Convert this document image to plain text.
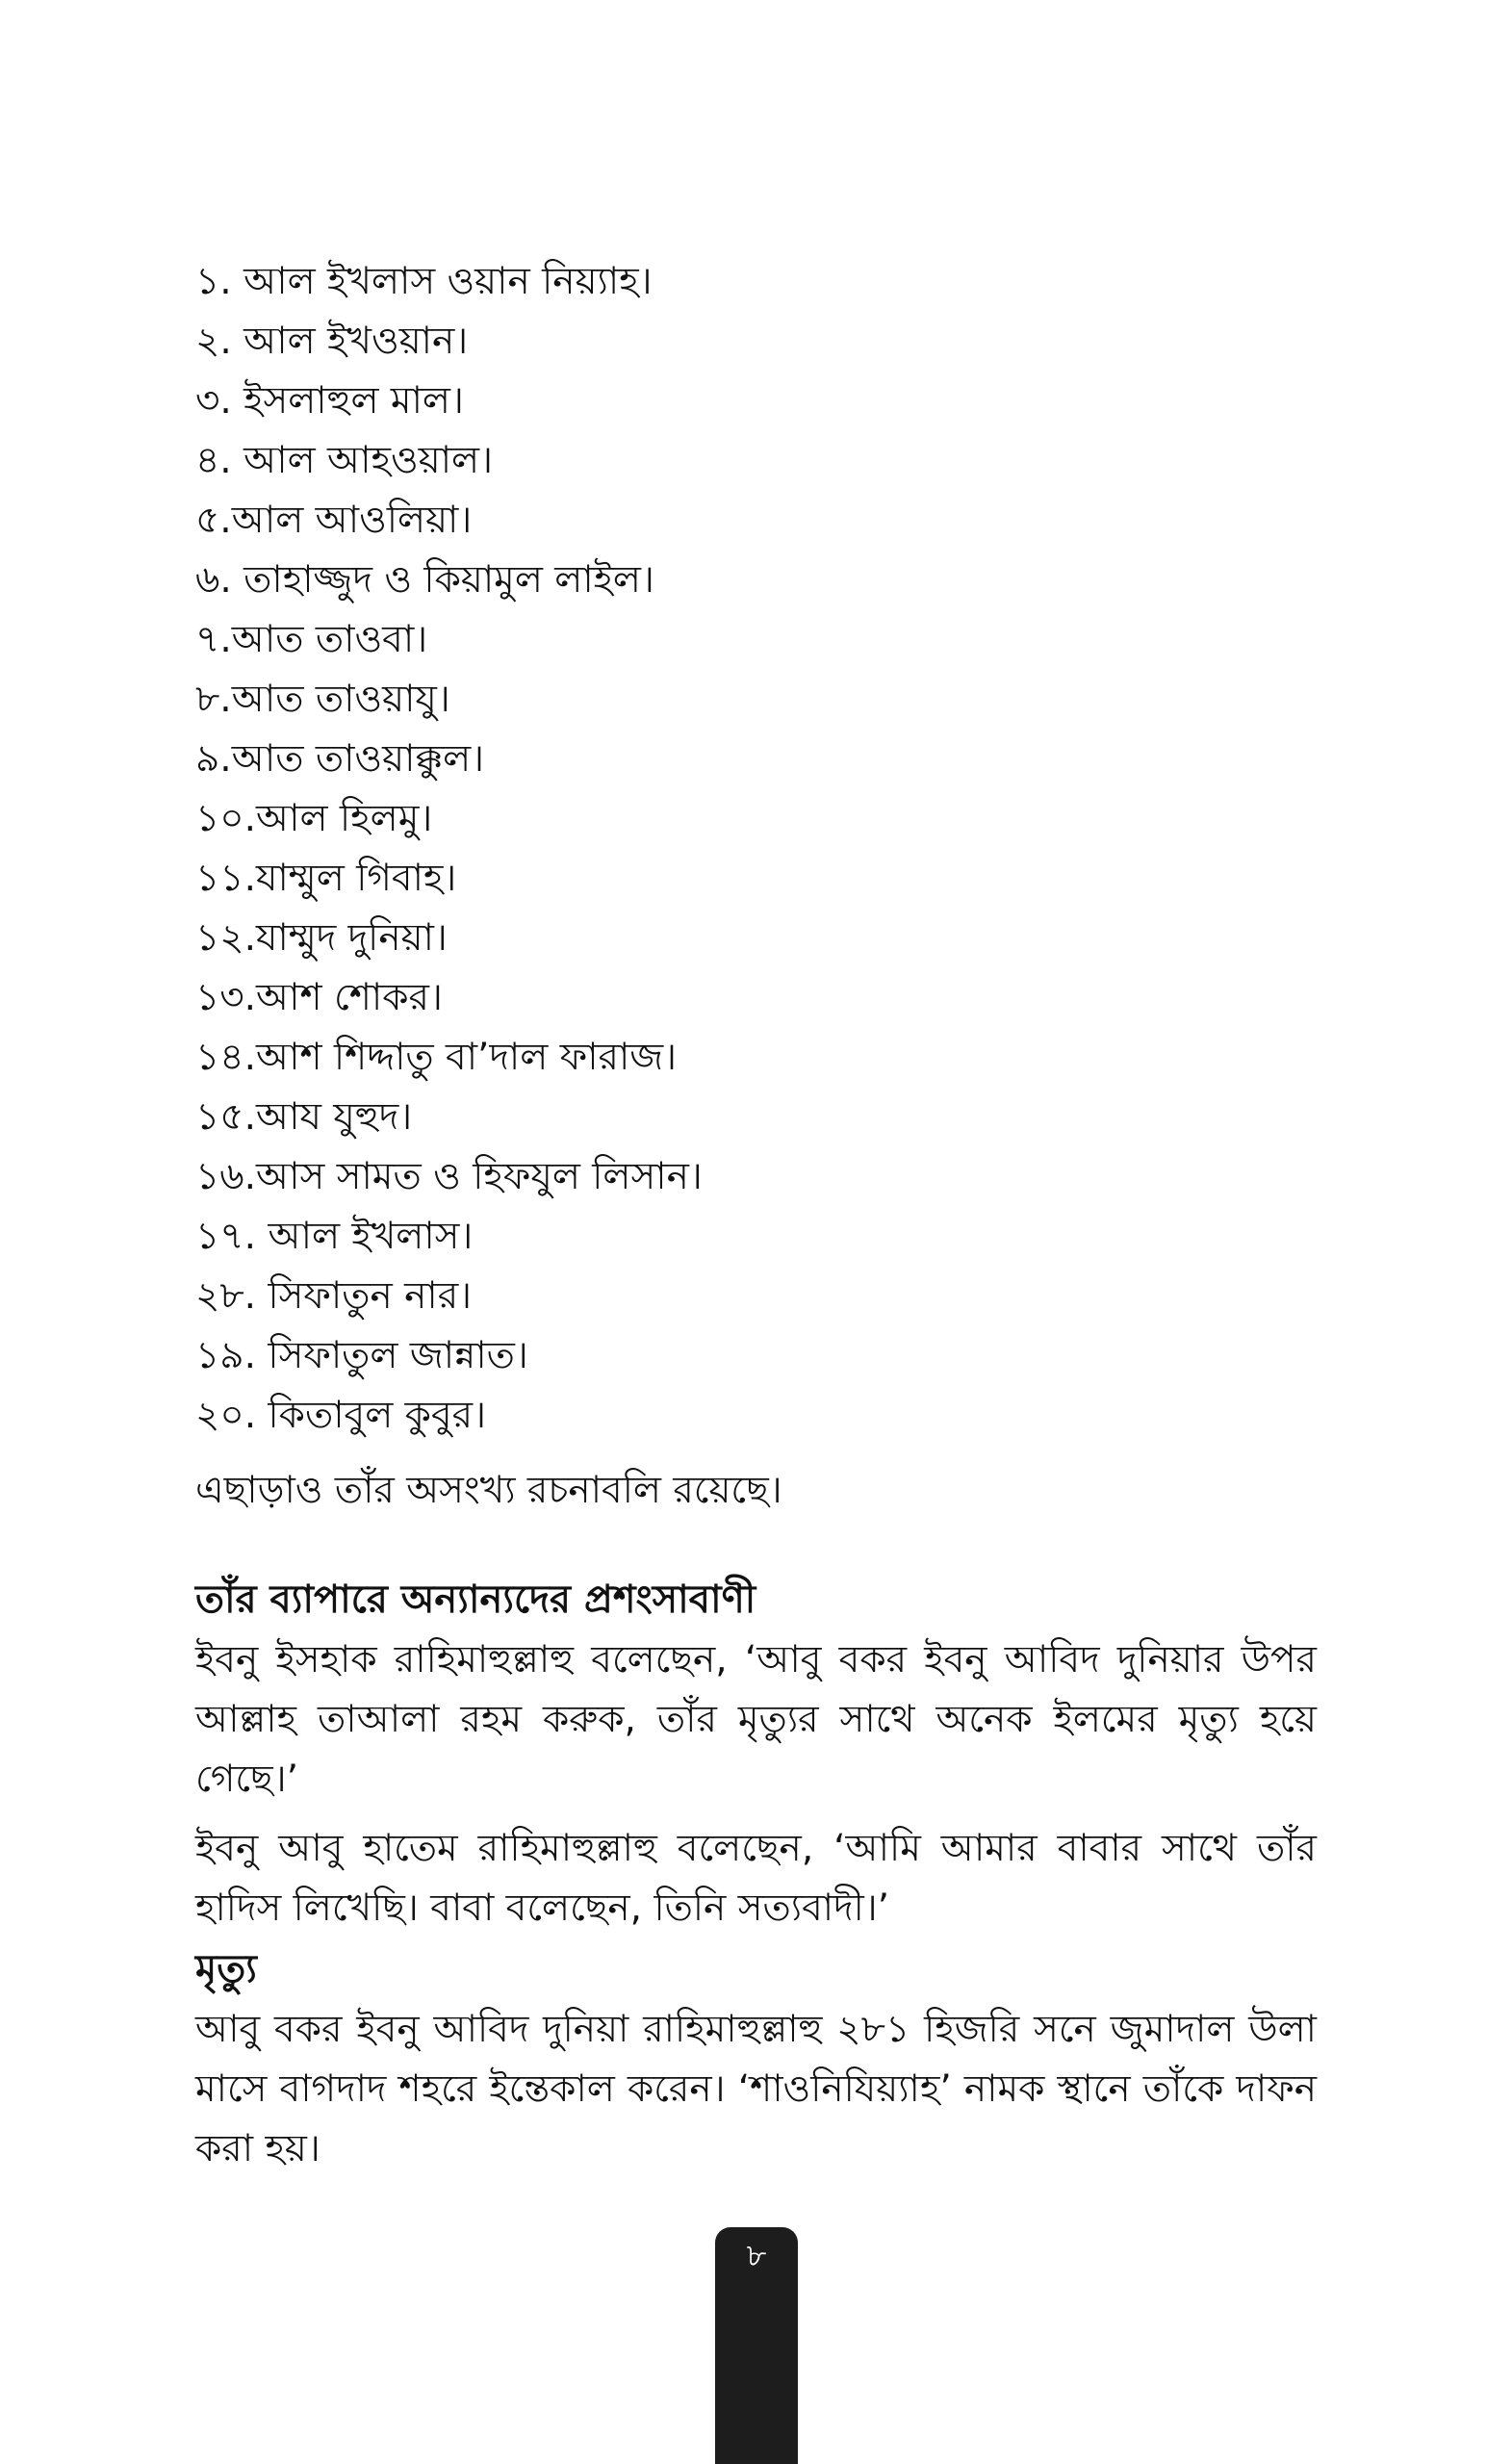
১. আল ইখলাস ওয়ান নিয়্যাহ।
২. আল ইখওয়ান।
৩. ইসলাহুল মাল।
৪. আল আহওয়াল।
৫.আল আওলিয়া।
৬. তাহাজ্জুদ ও কিয়ামুল লাইল।
৭.আত তাওবা।
৮.আত তাওয়াযু।
৯.আত তাওয়াক্কুল।
১০.আল হিলমু।
১১.যাম্মুল গিবাহ।
১২.যাম্মুদ দুনিয়া।
১৩.আশ শোকর।
১৪.আশ শিদ্দাতু বা’দাল ফারাজ।
১৫.আয যুহুদ।
১৬.আস সামত ও হিফযুল লিসান।
১৭. আল ইখলাস।
২৮. সিফাতুন নার।
১৯. সিফাতুল জান্নাত।
২০. কিতাবুল কুবুর।

এছাড়াও তাঁর অসংখ্য রচনাবলি রয়েছে।

তাঁর ব্যাপারে অন্যান্যদের প্রশংসাবাণী

ইবনু ইসহাক রাহিমাহুল্লাহু বলেছেন, ‘আবু বকর ইবনু আবিদ দুনিয়ার উপর আল্লাহ তাআলা রহম করুক, তাঁর মৃত্যুর সাথে অনেক ইলমের মৃত্যু হয়ে গেছে।’

ইবনু আবু হাতেম রাহিমাহুল্লাহু বলেছেন, ‘আমি আমার বাবার সাথে তাঁর হাদিস লিখেছি। বাবা বলেছেন, তিনি সত্যবাদী।’

মৃত্যু

আবু বকর ইবনু আবিদ দুনিয়া রাহিমাহুল্লাহু ২৮১ হিজরি সনে জুমাদাল উলা মাসে বাগদাদ শহরে ইন্তেকাল করেন। ‘শাওনিযিয়্যাহ’ নামক স্থানে তাঁকে দাফন করা হয়।

৮
